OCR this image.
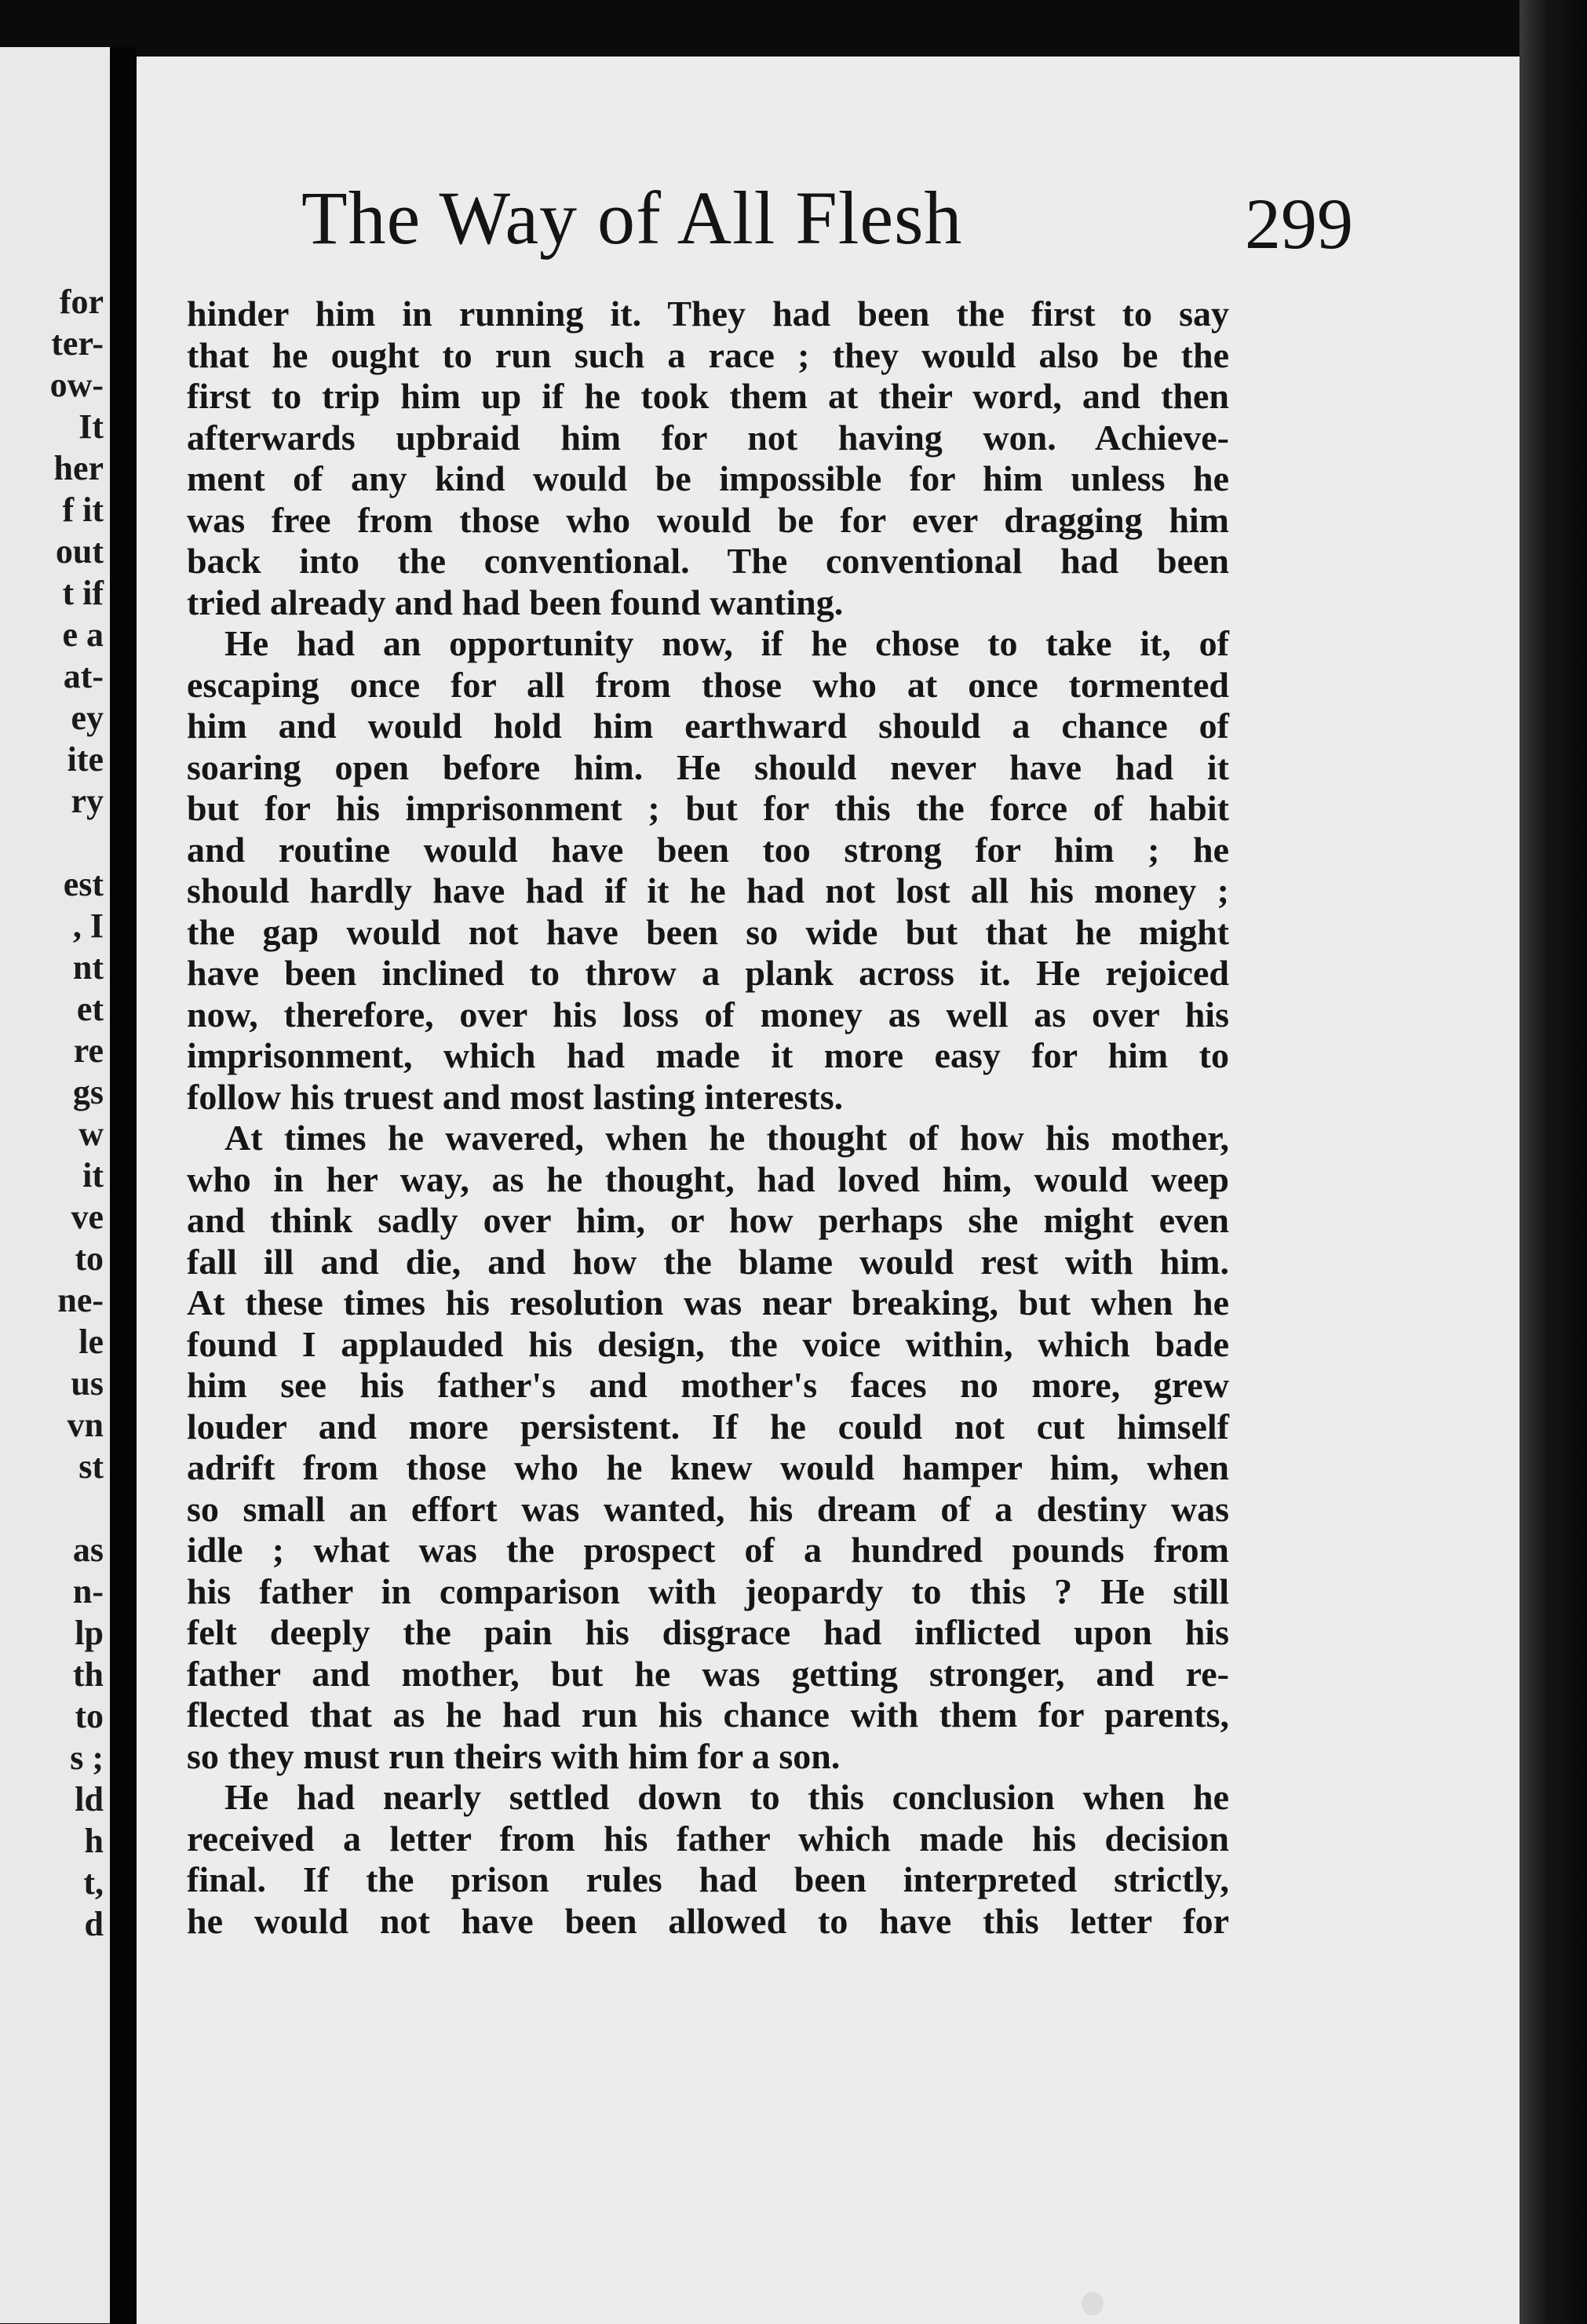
for
ter-
ow-
It
her
f it
out
t if
e a
at-
ey
ite
ry
est
, I
nt
et
re
gs
w
it
ve
to
ne-
le
us
vn
st
as
n-
lp
th
to
s ;
ld
h
t,
d
The Way of All Flesh	299
hinder him in running it. They had been the first to say
that he ought to run such a race ; they would also be the
first to trip him up if he took them at their word, and then
afterwards upbraid him for not having won. Achieve-
ment of any kind would be impossible for him unless he
was free from those who would be for ever dragging him
back into the conventional. The conventional had been
tried already and had been found wanting.
He had an opportunity now, if he chose to take it, of
escaping once for all from those who at once tormented
him and would hold him earthward should a chance of
soaring open before him. He should never have had it
but for his imprisonment ; but for this the force of habit
and routine would have been too strong for him ; he
should hardly have had if it he had not lost all his money ;
the gap would not have been so wide but that he might
have been inclined to throw a plank across it. He rejoiced
now, therefore, over his loss of money as well as over his
imprisonment, which had made it more easy for him to
follow his truest and most lasting interests.
At times he wavered, when he thought of how his mother,
who in her way, as he thought, had loved him, would weep
and think sadly over him, or how perhaps she might even
fall ill and die, and how the blame would rest with him.
At these times his resolution was near breaking, but when he
found I applauded his design, the voice within, which bade
him see his father's and mother's faces no more, grew
louder and more persistent. If he could not cut himself
adrift from those who he knew would hamper him, when
so small an effort was wanted, his dream of a destiny was
idle ; what was the prospect of a hundred pounds from
his father in comparison with jeopardy to this ? He still
felt deeply the pain his disgrace had inflicted upon his
father and mother, but he was getting stronger, and re-
flected that as he had run his chance with them for parents,
so they must run theirs with him for a son.
He had nearly settled down to this conclusion when he
received a letter from his father which made his decision
final. If the prison rules had been interpreted strictly,
he would not have been allowed to have this letter for
